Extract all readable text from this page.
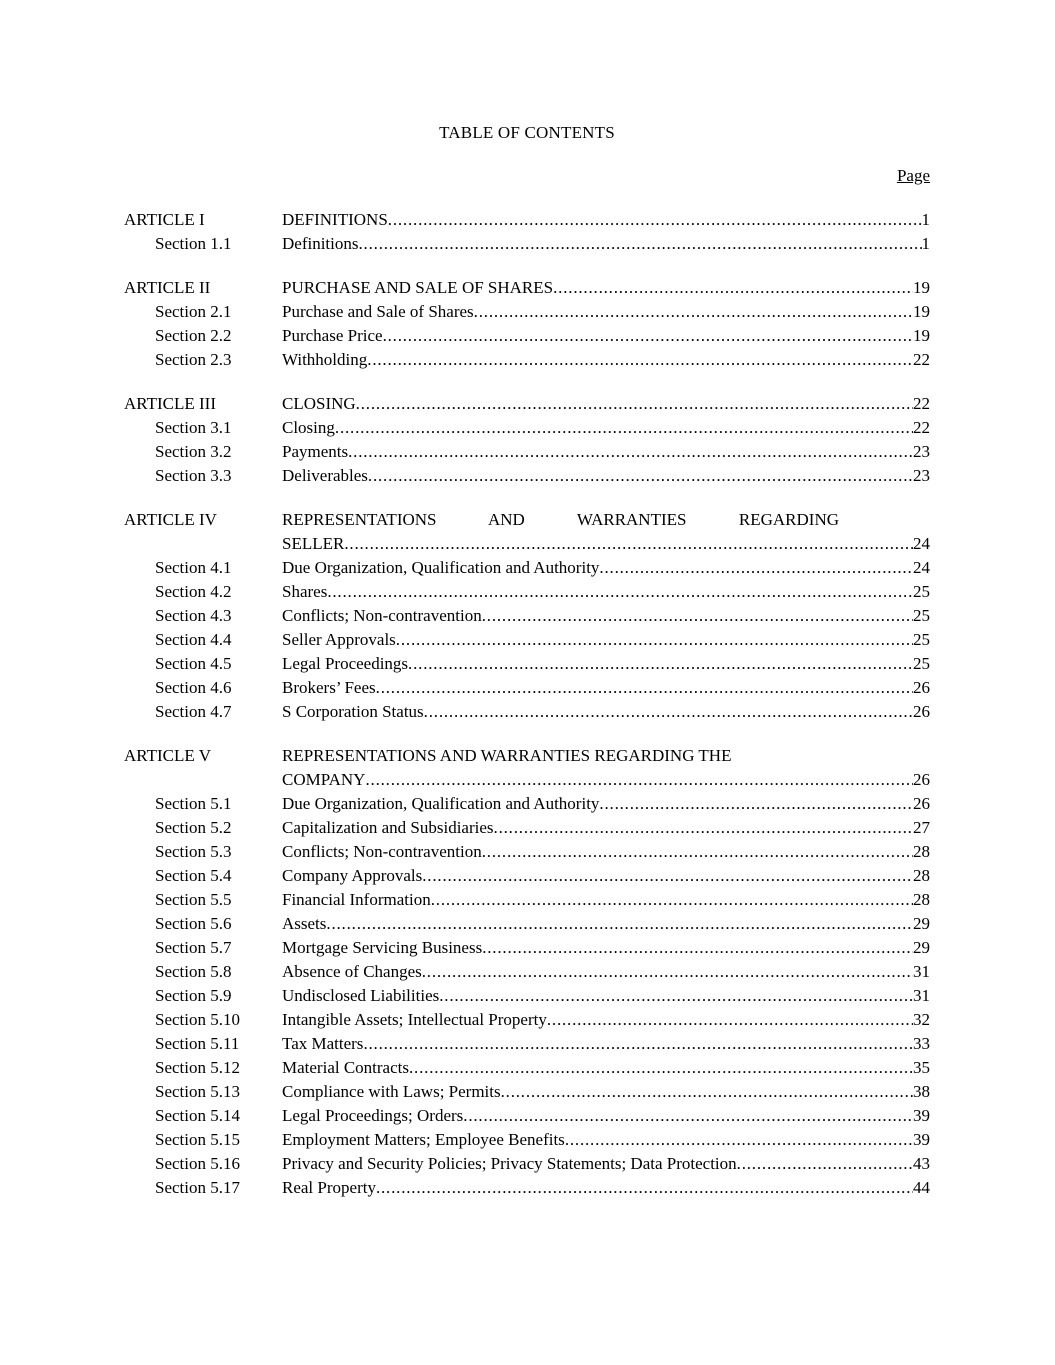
TABLE OF CONTENTS
Page
ARTICLE I	DEFINITIONS .....	1
Section 1.1	Definitions .....	1
ARTICLE II	PURCHASE AND SALE OF SHARES .....	19
Section 2.1	Purchase and Sale of Shares .....	19
Section 2.2	Purchase Price .....	19
Section 2.3	Withholding .....	22
ARTICLE III	CLOSING .....	22
Section 3.1	Closing .....	22
Section 3.2	Payments .....	23
Section 3.3	Deliverables .....	23
ARTICLE IV	REPRESENTATIONS AND WARRANTIES REGARDING
SELLER .....	24
Section 4.1	Due Organization, Qualification and Authority .....	24
Section 4.2	Shares .....	25
Section 4.3	Conflicts; Non-contravention .....	25
Section 4.4	Seller Approvals .....	25
Section 4.5	Legal Proceedings .....	25
Section 4.6	Brokers’ Fees .....	26
Section 4.7	S Corporation Status .....	26
ARTICLE V	REPRESENTATIONS AND WARRANTIES REGARDING THE
COMPANY .....	26
Section 5.1	Due Organization, Qualification and Authority .....	26
Section 5.2	Capitalization and Subsidiaries .....	27
Section 5.3	Conflicts; Non-contravention .....	28
Section 5.4	Company Approvals .....	28
Section 5.5	Financial Information .....	28
Section 5.6	Assets .....	29
Section 5.7	Mortgage Servicing Business .....	29
Section 5.8	Absence of Changes .....	31
Section 5.9	Undisclosed Liabilities .....	31
Section 5.10	Intangible Assets; Intellectual Property .....	32
Section 5.11	Tax Matters .....	33
Section 5.12	Material Contracts .....	35
Section 5.13	Compliance with Laws; Permits .....	38
Section 5.14	Legal Proceedings; Orders .....	39
Section 5.15	Employment Matters; Employee Benefits .....	39
Section 5.16	Privacy and Security Policies; Privacy Statements; Data Protection .....	43
Section 5.17	Real Property .....	44
